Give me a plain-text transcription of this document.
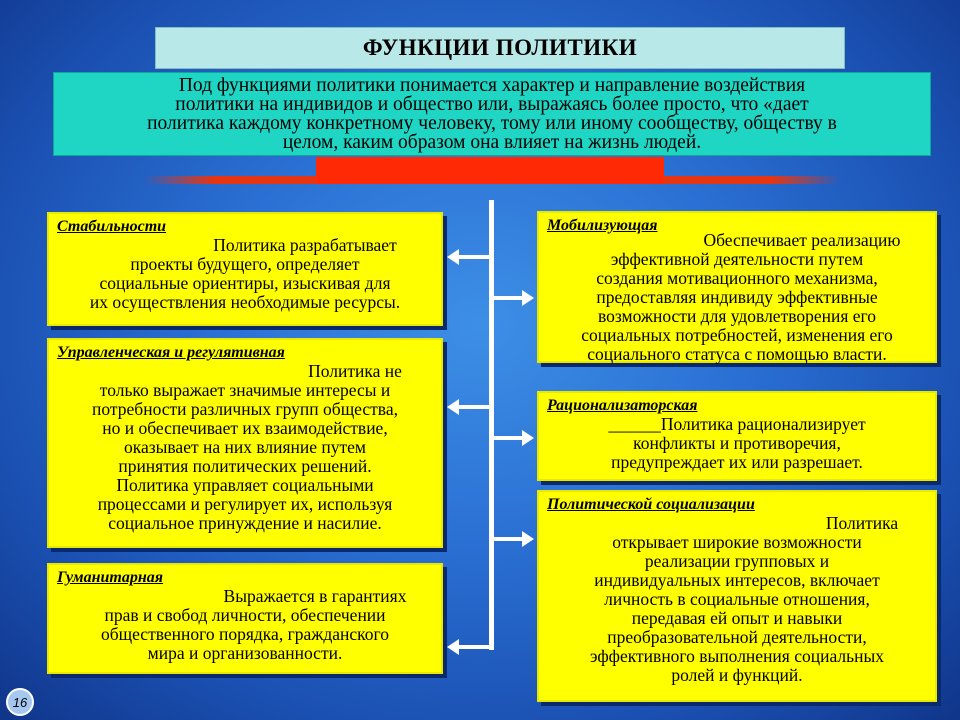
ФУНКЦИИ ПОЛИТИКИ
Под функциями политики понимается характер и направление воздействия
политики на индивидов и общество или, выражаясь более просто, что «дает
политика каждому конкретному человеку, тому или иному сообществу, обществу в
целом, каким образом она влияет на жизнь людей.
Стабильности
Политика разрабатывает
проекты будущего, определяет
социальные ориентиры, изыскивая для
их осуществления необходимые ресурсы.
Управленческая и регулятивная
Политика не
только выражает значимые интересы и
потребности различных групп общества,
но и обеспечивает их взаимодействие,
оказывает на них влияние путем
принятия политических решений.
Политика управляет социальными
процессами и регулирует их, используя
социальное принуждение и насилие.
Гуманитарная
Выражается в гарантиях
прав и свобод личности, обеспечении
общественного порядка, гражданского
мира и организованности.
Мобилизующая
Обеспечивает реализацию
эффективной деятельности путем
создания мотивационного механизма,
предоставляя индивиду эффективные
возможности для удовлетворения его
социальных потребностей, изменения его
социального статуса с помощью власти.
Рационализаторская
______Политика рационализирует
конфликты и противоречия,
предупреждает их или разрешает.
Политической социализации
Политика
открывает широкие возможности
реализации групповых и
индивидуальных интересов, включает
личность в социальные отношения,
передавая ей опыт и навыки
преобразовательной деятельности,
эффективного выполнения социальных
ролей и функций.
16
